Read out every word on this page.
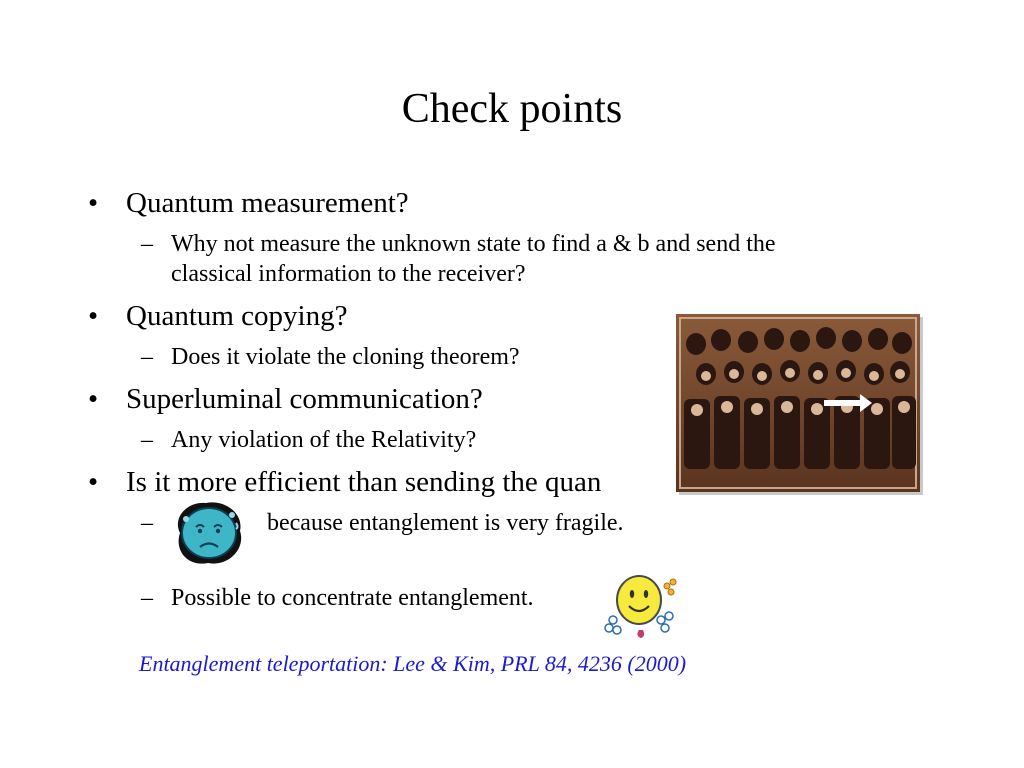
Check points
• Quantum measurement?
– Why not measure the unknown state to find a & b and send the
classical information to the receiver?
• Quantum copying?
– Does it violate the cloning theorem?
• Superluminal communication?
– Any violation of the Relativity?
• Is it more efficient than sending the quan
–	because entanglement is very fragile.
– Possible to concentrate entanglement.
Entanglement teleportation: Lee & Kim, PRL 84, 4236 (2000)
